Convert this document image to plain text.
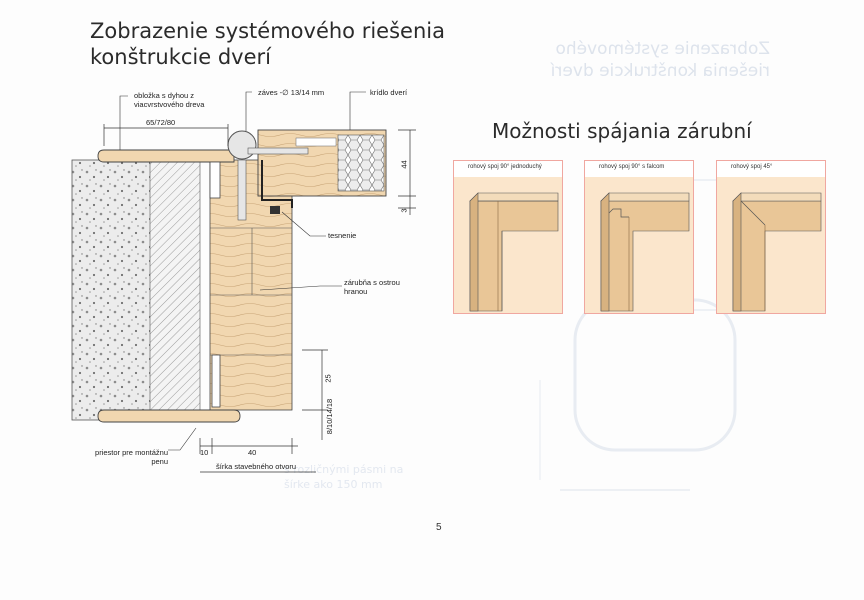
Zobrazenie systémového riešenia konštrukcie dverí
s rozličnými pásmi na šírke ako 150 mm
Zobrazenie systémového riešenia konštrukcie dverí
Možnosti spájania zárubní
obložka s dyhou z viacvrstvového dreva
záves -∅ 13/14 mm	krídlo dverí
tesnenie
zárubňa s ostrou hranou
priestor pre montážnu penu
šírka stavebného otvoru
65/72/80
44
3
25
8/10/14/18
10	40
rohový spoj 90° jednoduchý	rohový spoj 90° s falcom	rohový spoj 45°
5
